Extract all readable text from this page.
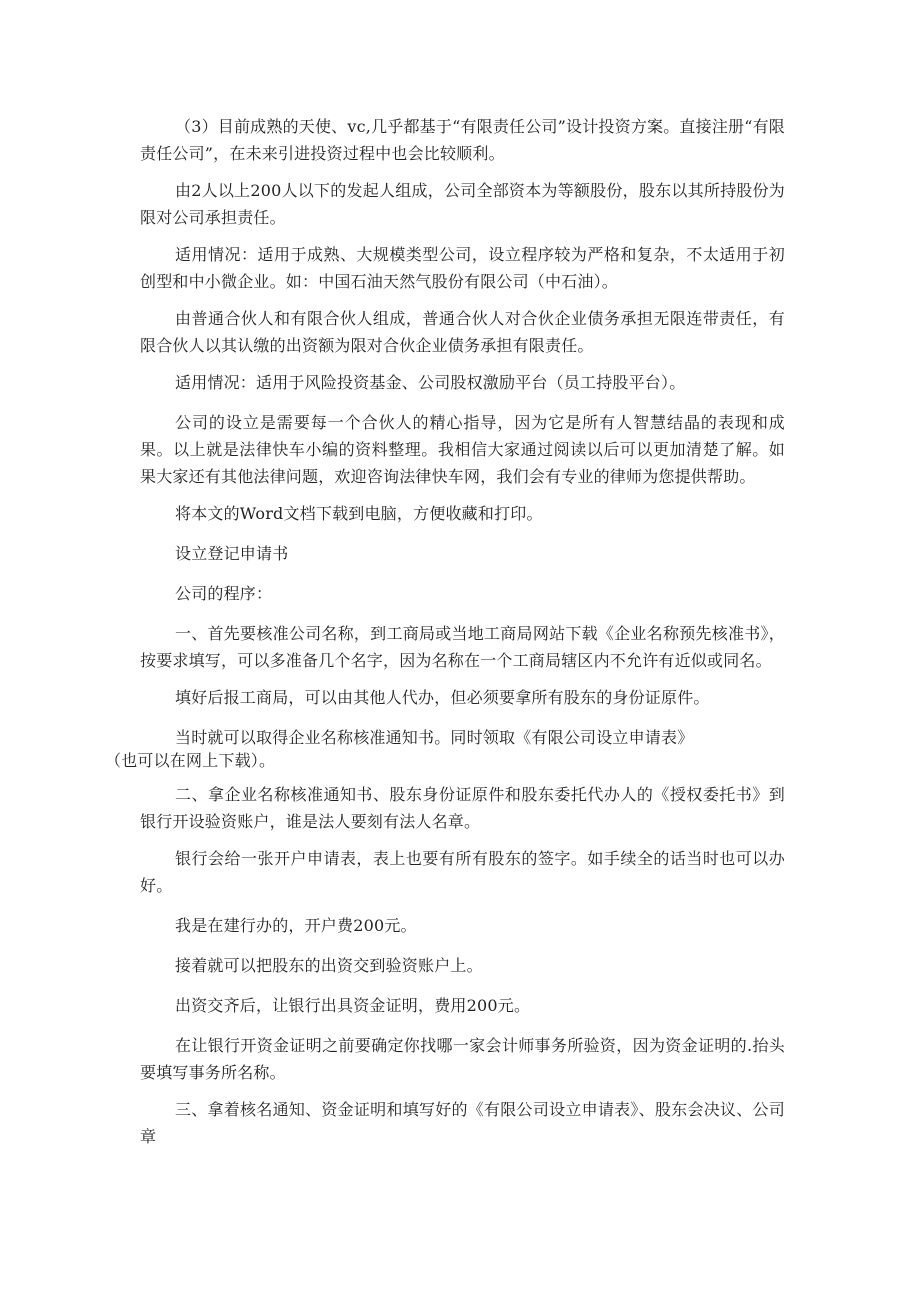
（3）目前成熟的天使、vc,几乎都基于“有限责任公司”设计投资方案。直接注册“有限责任公司”，在未来引进投资过程中也会比较顺利。

由2人以上200人以下的发起人组成，公司全部资本为等额股份，股东以其所持股份为限对公司承担责任。

适用情况：适用于成熟、大规模类型公司，设立程序较为严格和复杂，不太适用于初创型和中小微企业。如：中国石油天然气股份有限公司（中石油）。

由普通合伙人和有限合伙人组成，普通合伙人对合伙企业债务承担无限连带责任，有限合伙人以其认缴的出资额为限对合伙企业债务承担有限责任。

适用情况：适用于风险投资基金、公司股权激励平台（员工持股平台）。

公司的设立是需要每一个合伙人的精心指导，因为它是所有人智慧结晶的表现和成果。以上就是法律快车小编的资料整理。我相信大家通过阅读以后可以更加清楚了解。如果大家还有其他法律问题，欢迎咨询法律快车网，我们会有专业的律师为您提供帮助。

将本文的Word文档下载到电脑，方便收藏和打印。

设立登记申请书

公司的程序：

一、首先要核准公司名称，到工商局或当地工商局网站下载《企业名称预先核准书》，按要求填写，可以多准备几个名字，因为名称在一个工商局辖区内不允许有近似或同名。

填好后报工商局，可以由其他人代办，但必须要拿所有股东的身份证原件。

当时就可以取得企业名称核准通知书。同时领取《有限公司设立申请表》
（也可以在网上下载）。

二、拿企业名称核准通知书、股东身份证原件和股东委托代办人的《授权委托书》到银行开设验资账户，谁是法人要刻有法人名章。

银行会给一张开户申请表，表上也要有所有股东的签字。如手续全的话当时也可以办好。

我是在建行办的，开户费200元。

接着就可以把股东的出资交到验资账户上。

出资交齐后，让银行出具资金证明，费用200元。

在让银行开资金证明之前要确定你找哪一家会计师事务所验资，因为资金证明的.抬头要填写事务所名称。

三、拿着核名通知、资金证明和填写好的《有限公司设立申请表》、股东会决议、公司章
